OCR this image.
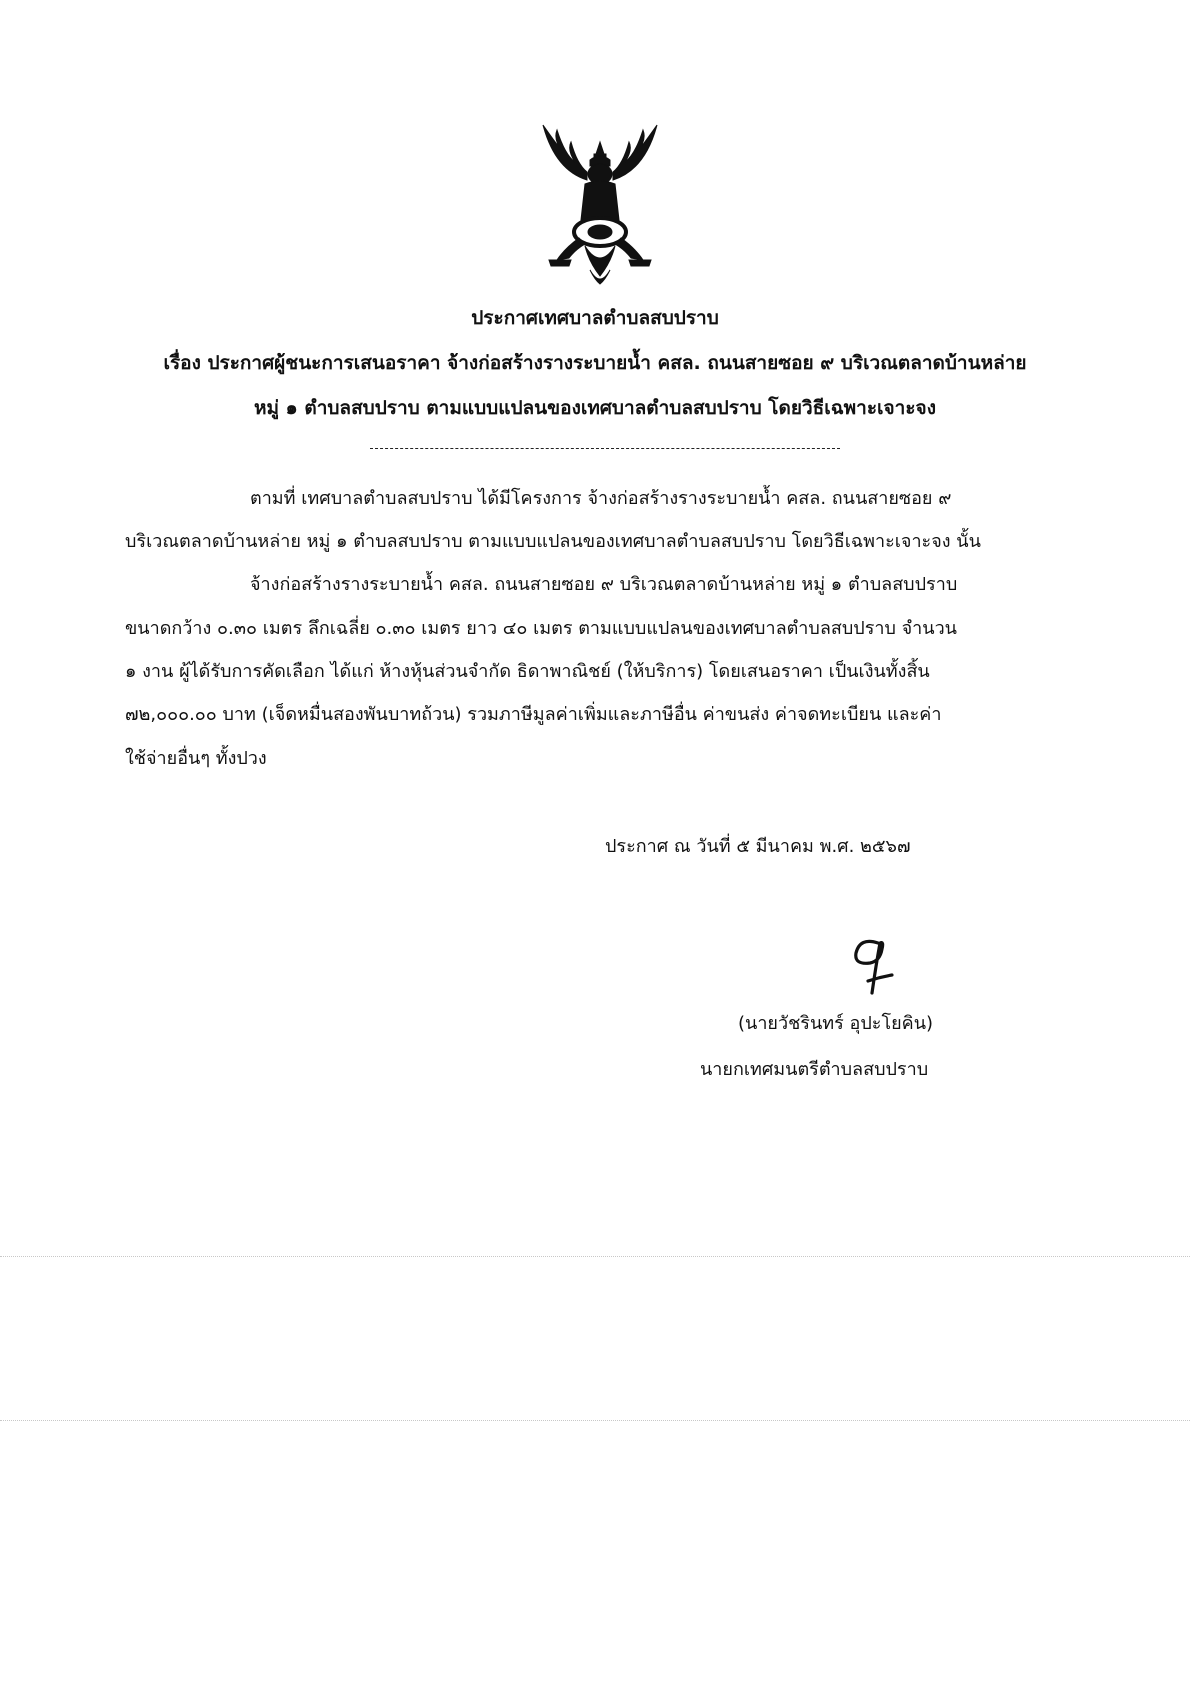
ประกาศเทศบาลตำบลสบปราบ
เรื่อง ประกาศผู้ชนะการเสนอราคา จ้างก่อสร้างรางระบายน้ำ คสล. ถนนสายซอย ๙ บริเวณตลาดบ้านหล่าย
หมู่ ๑ ตำบลสบปราบ ตามแบบแปลนของเทศบาลตำบลสบปราบ โดยวิธีเฉพาะเจาะจง
ตามที่ เทศบาลตำบลสบปราบ ได้มีโครงการ จ้างก่อสร้างรางระบายน้ำ คสล. ถนนสายซอย ๙
บริเวณตลาดบ้านหล่าย หมู่ ๑ ตำบลสบปราบ ตามแบบแปลนของเทศบาลตำบลสบปราบ โดยวิธีเฉพาะเจาะจง นั้น
จ้างก่อสร้างรางระบายน้ำ คสล. ถนนสายซอย ๙ บริเวณตลาดบ้านหล่าย หมู่ ๑ ตำบลสบปราบ
ขนาดกว้าง ๐.๓๐ เมตร ลึกเฉลี่ย ๐.๓๐ เมตร ยาว ๔๐ เมตร ตามแบบแปลนของเทศบาลตำบลสบปราบ จำนวน
๑ งาน ผู้ได้รับการคัดเลือก ได้แก่ ห้างหุ้นส่วนจำกัด ธิดาพาณิชย์ (ให้บริการ) โดยเสนอราคา เป็นเงินทั้งสิ้น
๗๒,๐๐๐.๐๐ บาท (เจ็ดหมื่นสองพันบาทถ้วน) รวมภาษีมูลค่าเพิ่มและภาษีอื่น ค่าขนส่ง ค่าจดทะเบียน และค่า
ใช้จ่ายอื่นๆ ทั้งปวง
ประกาศ ณ วันที่ ๕ มีนาคม พ.ศ. ๒๕๖๗
(นายวัชรินทร์ อุปะโยคิน)
นายกเทศมนตรีตำบลสบปราบ
